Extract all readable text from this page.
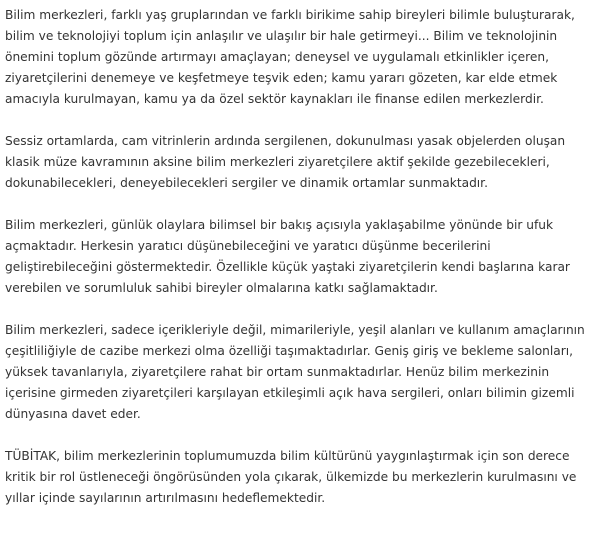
Bilim merkezleri, farklı yaş gruplarından ve farklı birikime sahip bireyleri bilimle buluşturarak, bilim ve teknolojiyi toplum için anlaşılır ve ulaşılır bir hale getirmeyi... Bilim ve teknolojinin önemini toplum gözünde artırmayı amaçlayan; deneysel ve uygulamalı etkinlikler içeren, ziyaretçilerini denemeye ve keşfetmeye teşvik eden; kamu yararı gözeten, kar elde etmek amacıyla kurulmayan, kamu ya da özel sektör kaynakları ile finanse edilen merkezlerdir.

Sessiz ortamlarda, cam vitrinlerin ardında sergilenen, dokunulması yasak objelerden oluşan klasik müze kavramının aksine bilim merkezleri ziyaretçilere aktif şekilde gezebilecekleri, dokunabilecekleri, deneyebilecekleri sergiler ve dinamik ortamlar sunmaktadır.

Bilim merkezleri, günlük olaylara bilimsel bir bakış açısıyla yaklaşabilme yönünde bir ufuk açmaktadır. Herkesin yaratıcı düşünebileceğini ve yaratıcı düşünme becerilerini geliştirebileceğini göstermektedir. Özellikle küçük yaştaki ziyaretçilerin kendi başlarına karar verebilen ve sorumluluk sahibi bireyler olmalarına katkı sağlamaktadır.

Bilim merkezleri, sadece içerikleriyle değil, mimarileriyle, yeşil alanları ve kullanım amaçlarının çeşitliliğiyle de cazibe merkezi olma özelliği taşımaktadırlar. Geniş giriş ve bekleme salonları, yüksek tavanlarıyla, ziyaretçilere rahat bir ortam sunmaktadırlar. Henüz bilim merkezinin içerisine girmeden ziyaretçileri karşılayan etkileşimli açık hava sergileri, onları bilimin gizemli dünyasına davet eder.

TÜBİTAK, bilim merkezlerinin toplumumuzda bilim kültürünü yaygınlaştırmak için son derece kritik bir rol üstleneceği öngörüsünden yola çıkarak, ülkemizde bu merkezlerin kurulmasını ve yıllar içinde sayılarının artırılmasını hedeflemektedir.
